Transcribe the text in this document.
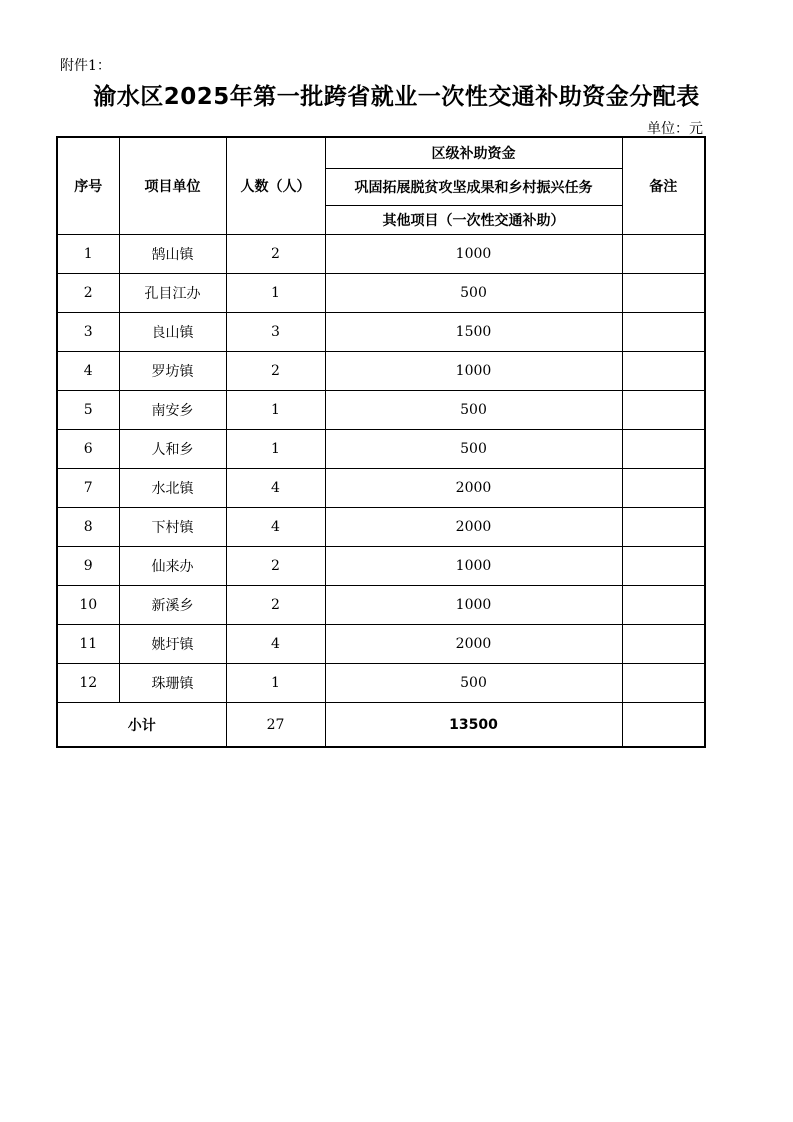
附件1：
渝水区2025年第一批跨省就业一次性交通补助资金分配表
单位：元
序号	项目单位	人数（人）	区级补助资金	备注
			巩固拓展脱贫攻坚成果和乡村振兴任务	
			其他项目（一次性交通补助）	
1	鹄山镇	2	1000	
2	孔目江办	1	500	
3	良山镇	3	1500	
4	罗坊镇	2	1000	
5	南安乡	1	500	
6	人和乡	1	500	
7	水北镇	4	2000	
8	下村镇	4	2000	
9	仙来办	2	1000	
10	新溪乡	2	1000	
11	姚圩镇	4	2000	
12	珠珊镇	1	500	
小计		27	13500	
